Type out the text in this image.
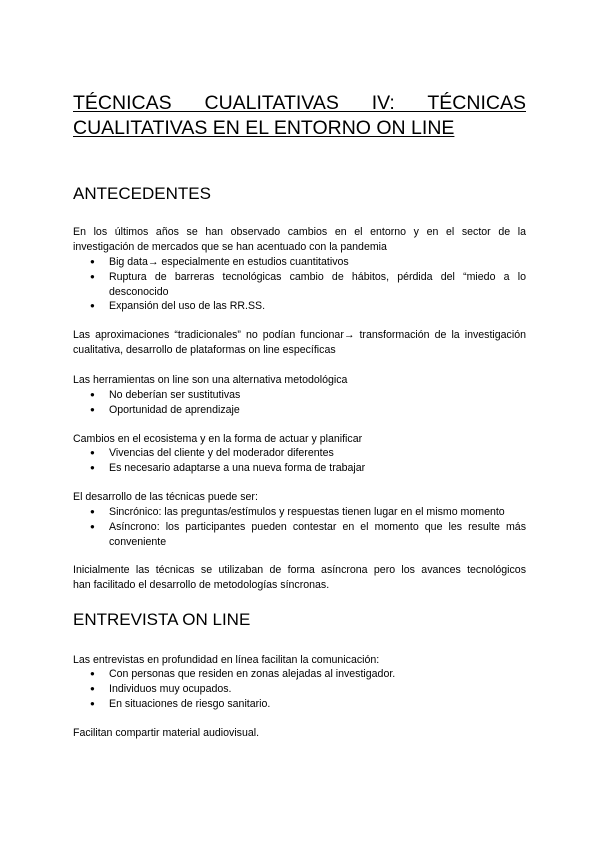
TÉCNICAS CUALITATIVAS IV: TÉCNICAS
CUALITATIVAS EN EL ENTORNO ON LINE
ANTECEDENTES

En los últimos años se han observado cambios en el entorno y en el sector de la
investigación de mercados que se han acentuado con la pandemia

● Big data→ especialmente en estudios cuantitativos
● Ruptura de barreras tecnológicas cambio de hábitos, pérdida del “miedo a lo
desconocido
● Expansión del uso de las RR.SS.

Las aproximaciones “tradicionales” no podían funcionar→ transformación de la investigación
cualitativa, desarrollo de plataformas on line específicas

Las herramientas on line son una alternativa metodológica

● No deberían ser sustitutivas
● Oportunidad de aprendizaje

Cambios en el ecosistema y en la forma de actuar y planificar

● Vivencias del cliente y del moderador diferentes
● Es necesario adaptarse a una nueva forma de trabajar

El desarrollo de las técnicas puede ser:

● Sincrónico: las preguntas/estímulos y respuestas tienen lugar en el mismo momento
● Asíncrono: los participantes pueden contestar en el momento que les resulte más
conveniente

Inicialmente las técnicas se utilizaban de forma asíncrona pero los avances tecnológicos
han facilitado el desarrollo de metodologías síncronas.

ENTREVISTA ON LINE

Las entrevistas en profundidad en línea facilitan la comunicación:

● Con personas que residen en zonas alejadas al investigador.
● Individuos muy ocupados.
● En situaciones de riesgo sanitario.

Facilitan compartir material audiovisual.
